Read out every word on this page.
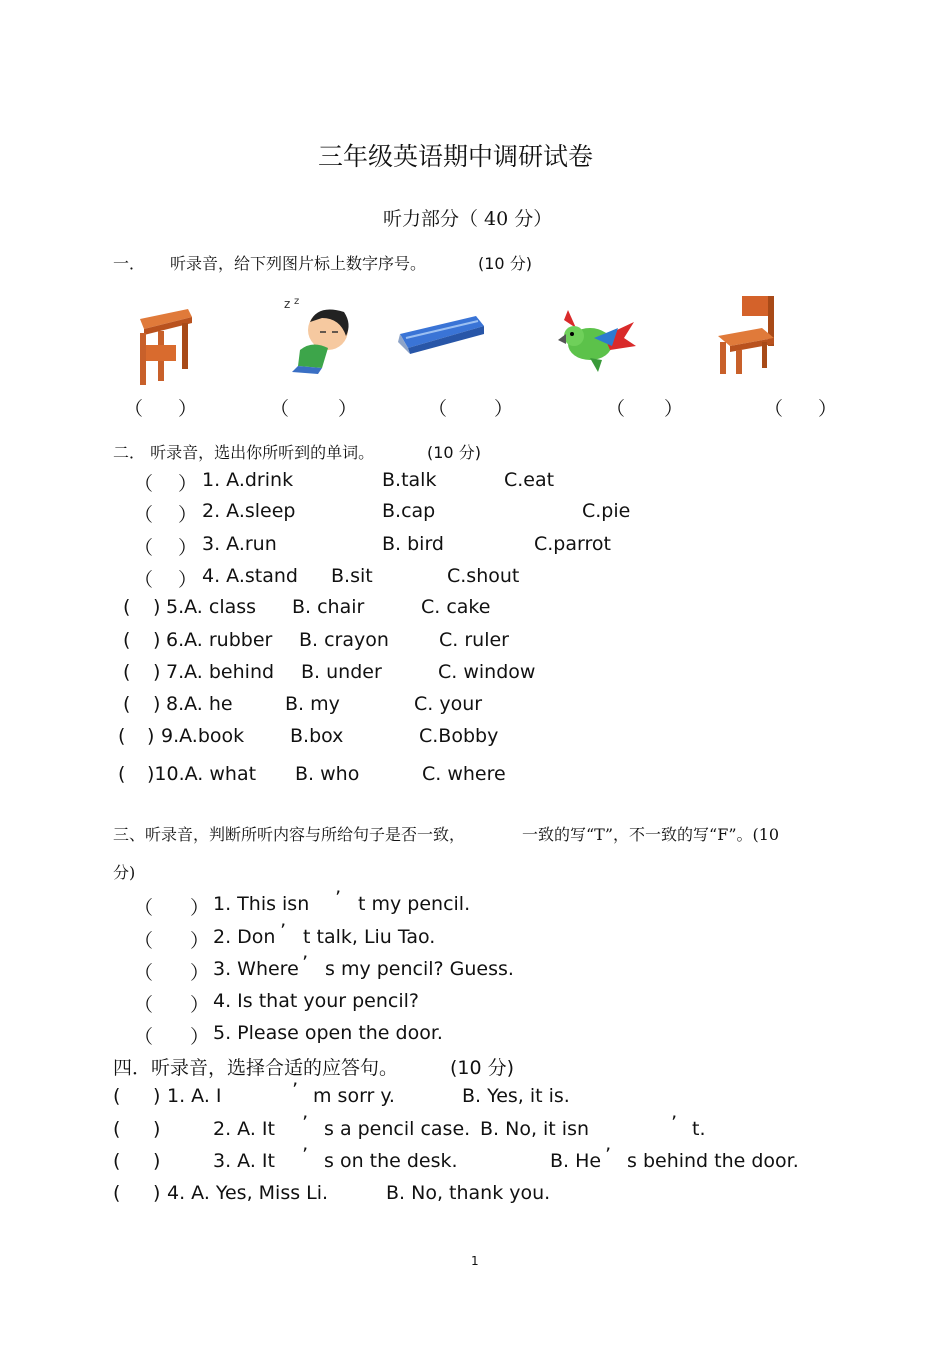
三年级英语期中调研试卷
听力部分（ 40 分）
一． 听录音，给下列图片标上数字序号。	(10 分)
z z
（ ）	（	）	（ ）	（ ）	（ ）
二． 听录音，选出你所听到的单词。	(10 分)
（ ） 1. A.drink	B.talk	C.eat
（ ） 2. A.sleep	B.cap	C.pie
（ ） 3. A.run	B. bird	C.parrot
（ ） 4. A.stand B.sit	C.shout
( ) 5.A. class B. chair	C. cake
( ) 6.A. rubber B. crayon	C. ruler
( ) 7.A. behind B. under	C. window
( ) 8.A. he	B. my	C. your
( ) 9.A.book B.box	C.Bobby
( )10.A. what B. who	C. where
三、听录音，判断所听内容与所给句子是否一致，	一致的写“T”，不一致的写“F”。(10
分)
（ ） 1. This isn ’ t my pencil.
（ ） 2. Don ’ t talk, Liu Tao.
（ ） 3. Where ’ s my pencil? Guess.
（ ） 4. Is that your pencil?
（ ） 5. Please open the door.
四．听录音，选择合适的应答句。	(10 分)
( ) 1. A. I	’ m sorr y.	B. Yes, it is.
( )	2. A. It ’ s a pencil case. B. No, it isn	’ t.
( )	3. A. It ’ s on the desk.	B. He ’ s behind the door.
( ) 4. A. Yes, Miss Li.	B. No, thank you.
1
